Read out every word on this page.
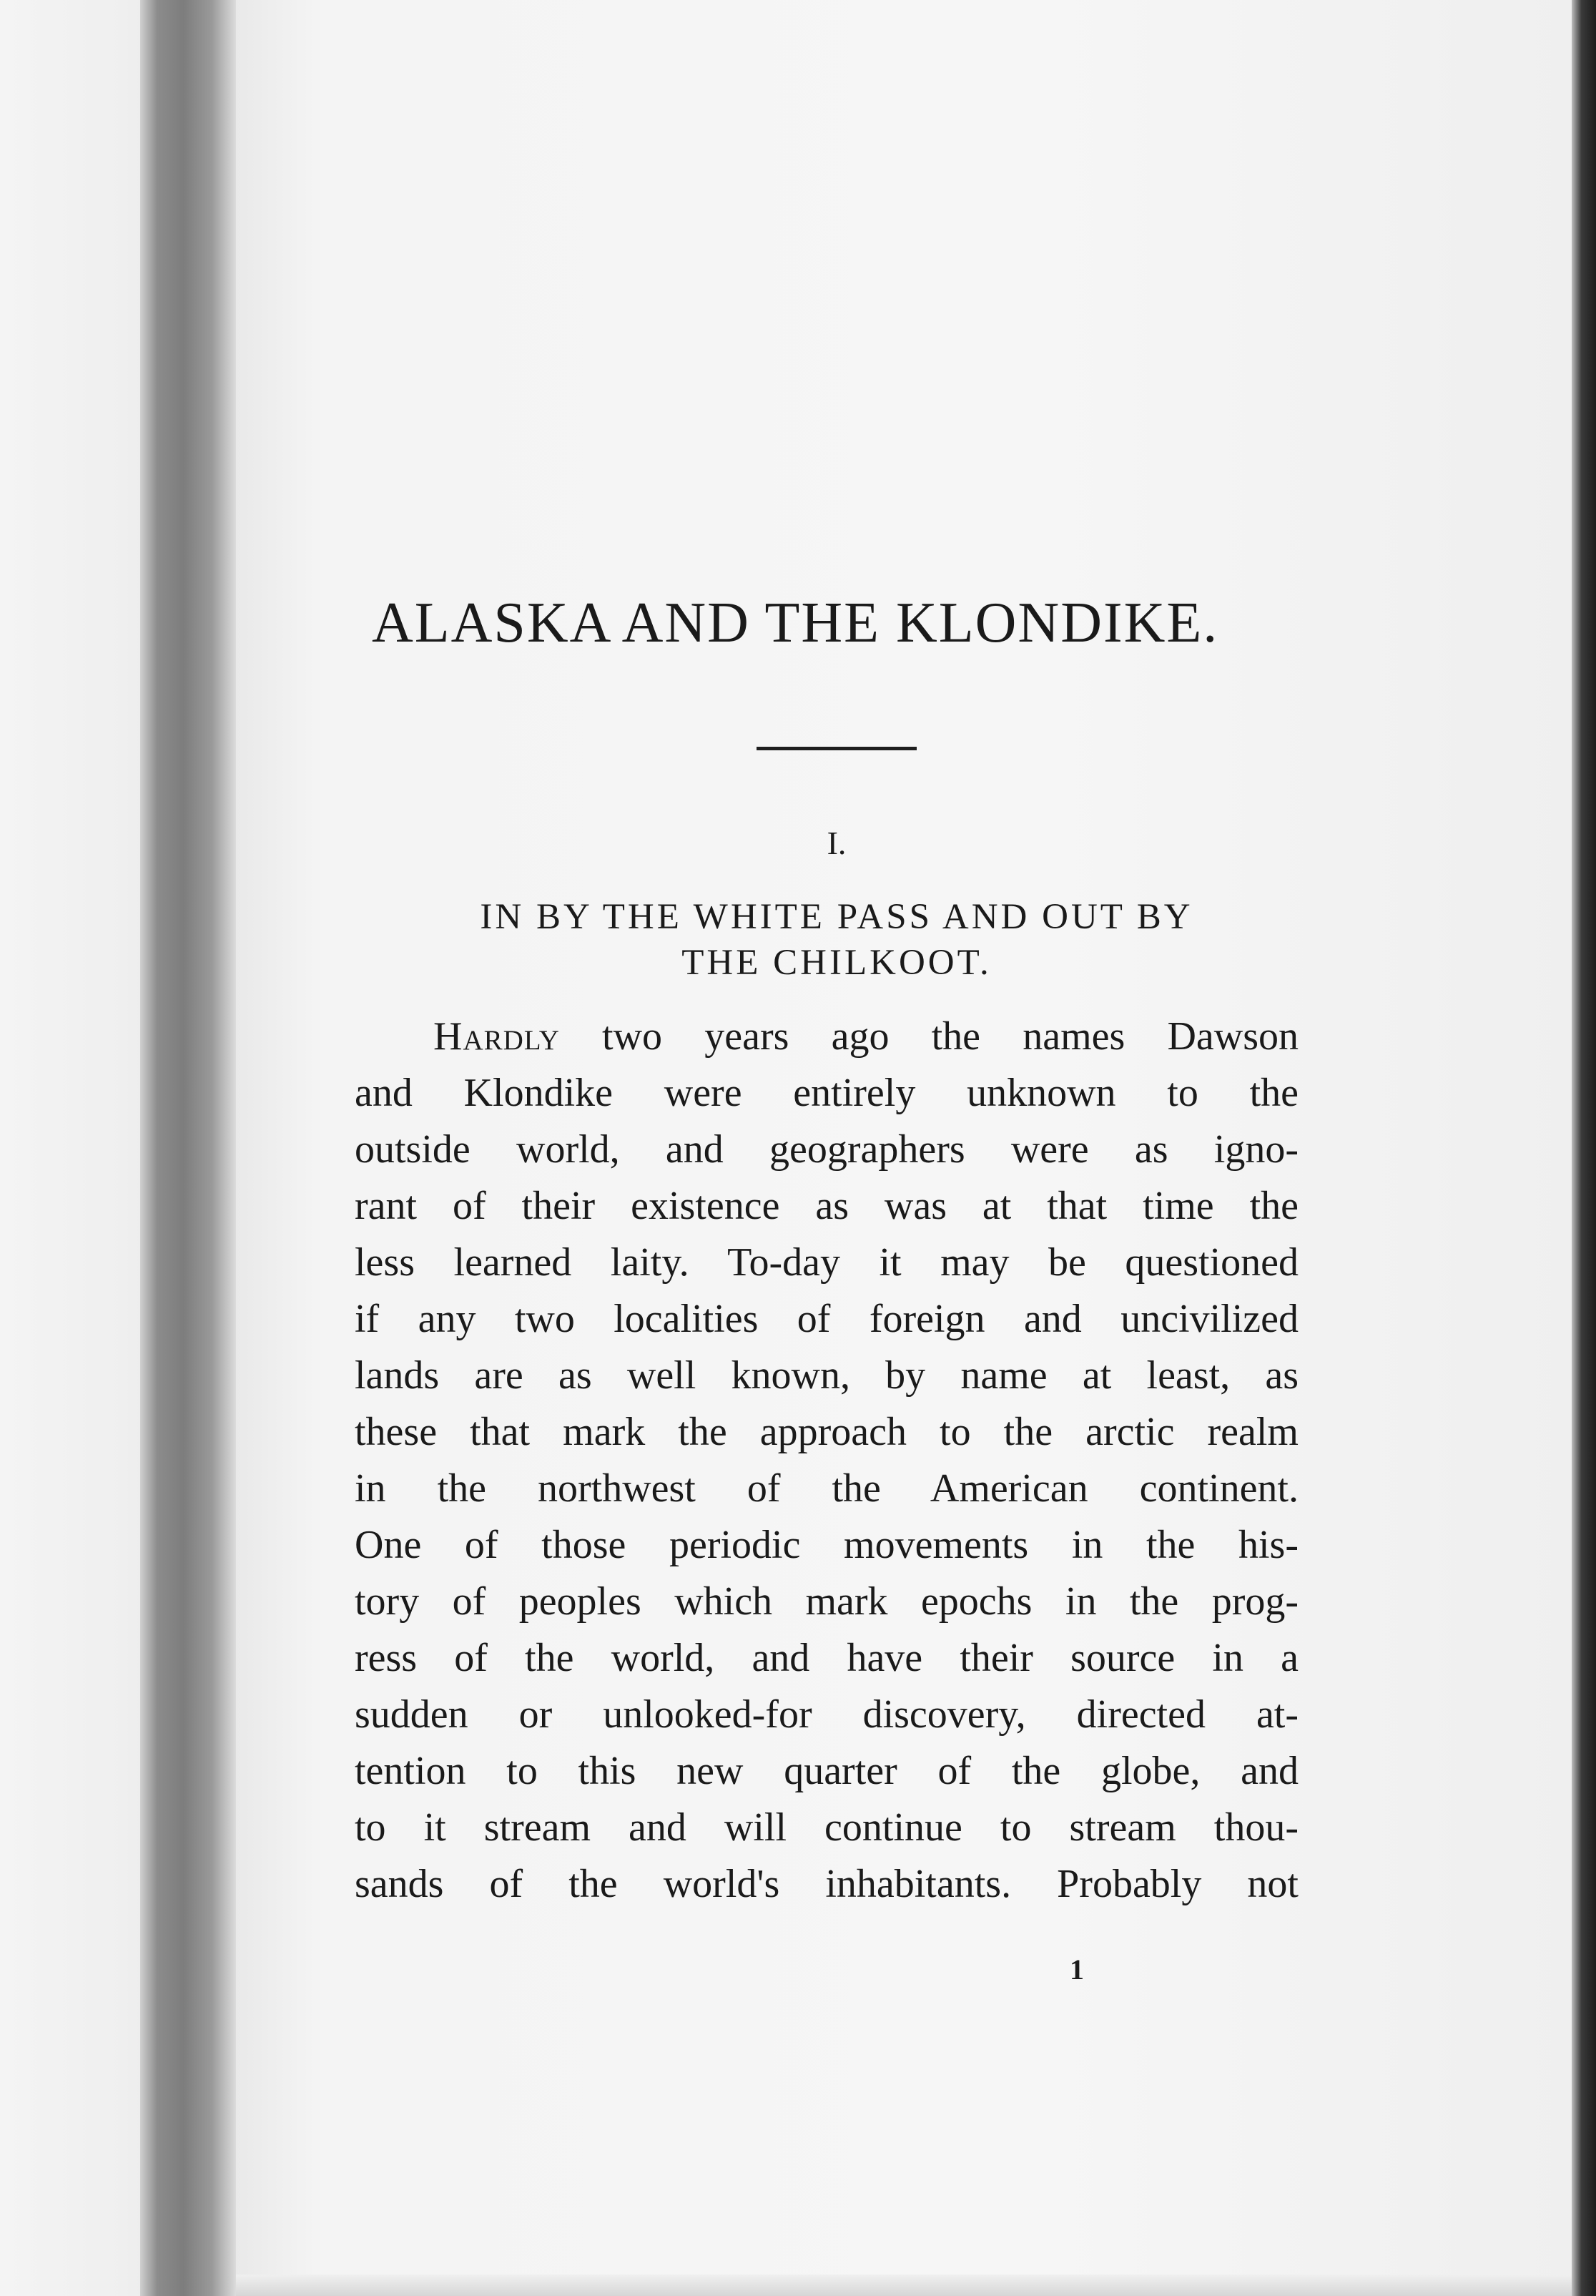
ALASKA AND THE KLONDIKE.

I.

IN BY THE WHITE PASS AND OUT BY
THE CHILKOOT.
Hardly two years ago the names Dawson
and Klondike were entirely unknown to the
outside world, and geographers were as igno-
rant of their existence as was at that time the
less learned laity. To-day it may be questioned
if any two localities of foreign and uncivilized
lands are as well known, by name at least, as
these that mark the approach to the arctic realm
in the northwest of the American continent.
One of those periodic movements in the his-
tory of peoples which mark epochs in the prog-
ress of the world, and have their source in a
sudden or unlooked-for discovery, directed at-
tention to this new quarter of the globe, and
to it stream and will continue to stream thou-
sands of the world's inhabitants. Probably not
1
